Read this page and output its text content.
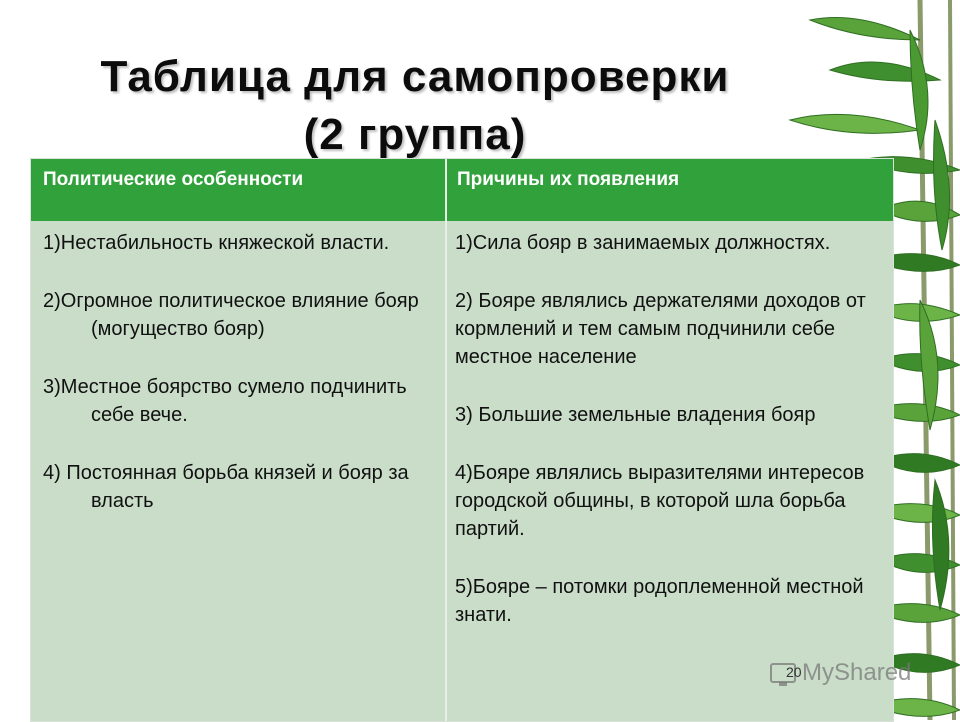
Таблица для самопроверки
(2 группа)
Политические особенности	Причины их появления
1)Нестабильность княжеской власти.
2)Огромное политическое влияние бояр (могущество бояр)
3)Местное боярство сумело подчинить себе вече.
4) Постоянная борьба князей и бояр за власть
1)Сила бояр в занимаемых должностях.
2) Бояре являлись держателями доходов от кормлений и тем самым подчинили себе местное население
3) Большие земельные владения бояр
4)Бояре являлись выразителями интересов городской общины, в которой шла борьба партий.
5)Бояре – потомки родоплеменной местной знати.
MyShared
20
